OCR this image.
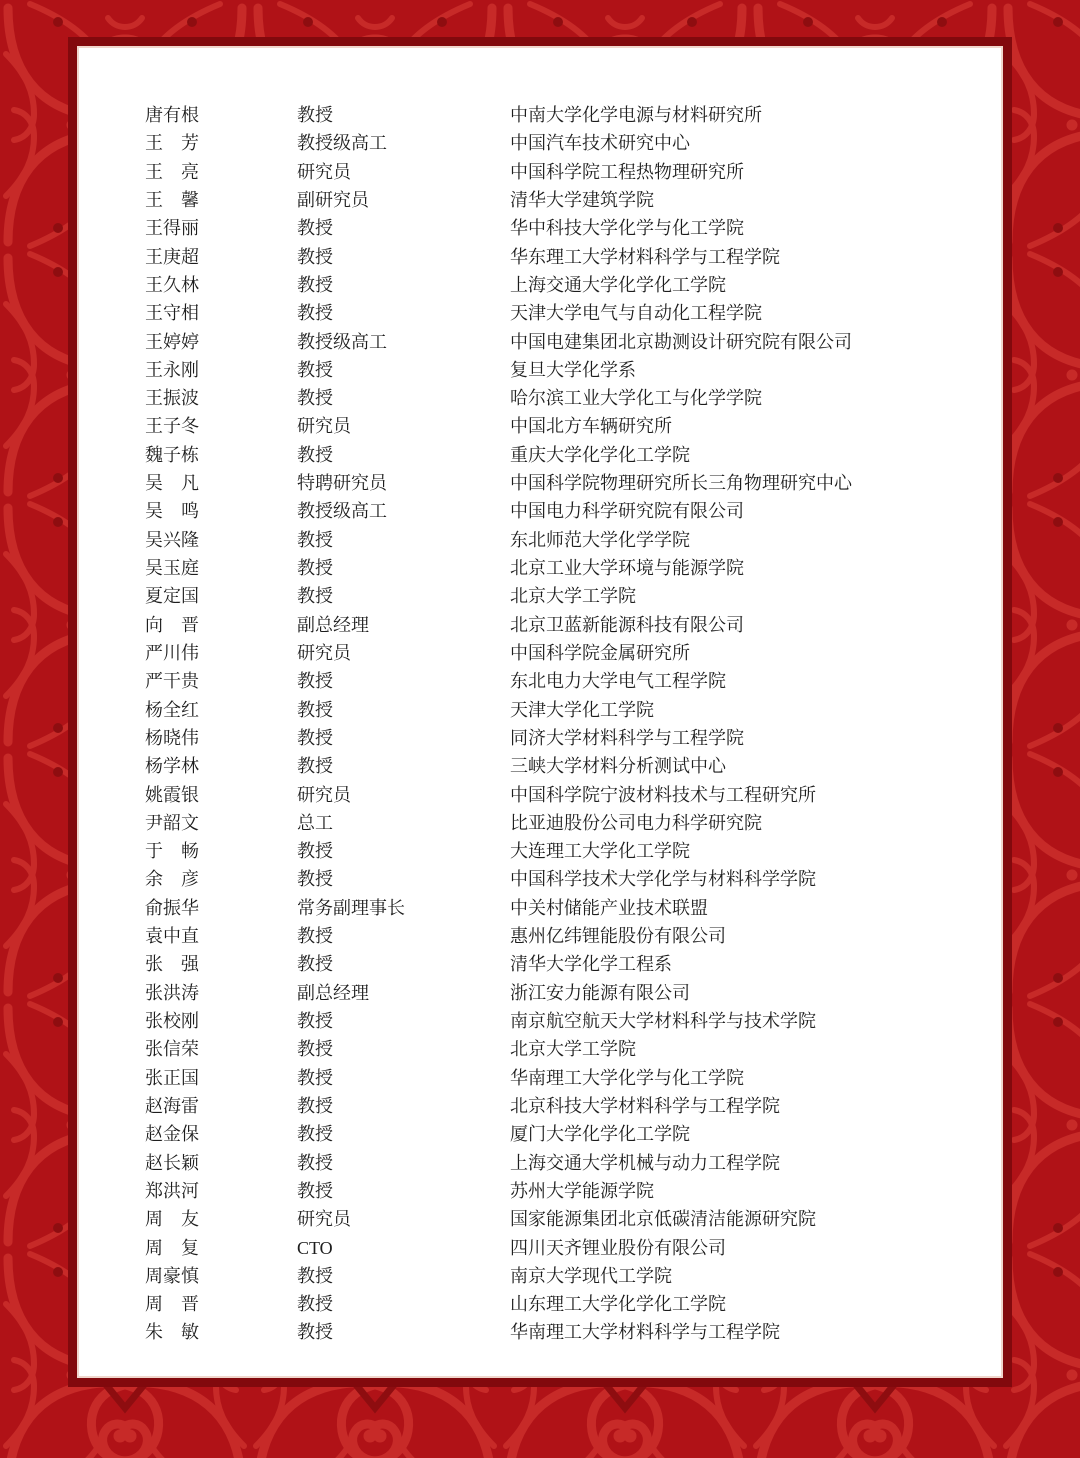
唐有根	教授	中南大学化学电源与材料研究所
王　芳	教授级高工	中国汽车技术研究中心
王　亮	研究员	中国科学院工程热物理研究所
王　馨	副研究员	清华大学建筑学院
王得丽	教授	华中科技大学化学与化工学院
王庚超	教授	华东理工大学材料科学与工程学院
王久林	教授	上海交通大学化学化工学院
王守相	教授	天津大学电气与自动化工程学院
王婷婷	教授级高工	中国电建集团北京勘测设计研究院有限公司
王永刚	教授	复旦大学化学系
王振波	教授	哈尔滨工业大学化工与化学学院
王子冬	研究员	中国北方车辆研究所
魏子栋	教授	重庆大学化学化工学院
吴　凡	特聘研究员	中国科学院物理研究所长三角物理研究中心
吴　鸣	教授级高工	中国电力科学研究院有限公司
吴兴隆	教授	东北师范大学化学学院
吴玉庭	教授	北京工业大学环境与能源学院
夏定国	教授	北京大学工学院
向　晋	副总经理	北京卫蓝新能源科技有限公司
严川伟	研究员	中国科学院金属研究所
严干贵	教授	东北电力大学电气工程学院
杨全红	教授	天津大学化工学院
杨晓伟	教授	同济大学材料科学与工程学院
杨学林	教授	三峡大学材料分析测试中心
姚霞银	研究员	中国科学院宁波材料技术与工程研究所
尹韶文	总工	比亚迪股份公司电力科学研究院
于　畅	教授	大连理工大学化工学院
余　彦	教授	中国科学技术大学化学与材料科学学院
俞振华	常务副理事长	中关村储能产业技术联盟
袁中直	教授	惠州亿纬锂能股份有限公司
张　强	教授	清华大学化学工程系
张洪涛	副总经理	浙江安力能源有限公司
张校刚	教授	南京航空航天大学材料科学与技术学院
张信荣	教授	北京大学工学院
张正国	教授	华南理工大学化学与化工学院
赵海雷	教授	北京科技大学材料科学与工程学院
赵金保	教授	厦门大学化学化工学院
赵长颖	教授	上海交通大学机械与动力工程学院
郑洪河	教授	苏州大学能源学院
周　友	研究员	国家能源集团北京低碳清洁能源研究院
周　复	CTO	四川天齐锂业股份有限公司
周豪慎	教授	南京大学现代工学院
周　晋	教授	山东理工大学化学化工学院
朱　敏	教授	华南理工大学材料科学与工程学院
